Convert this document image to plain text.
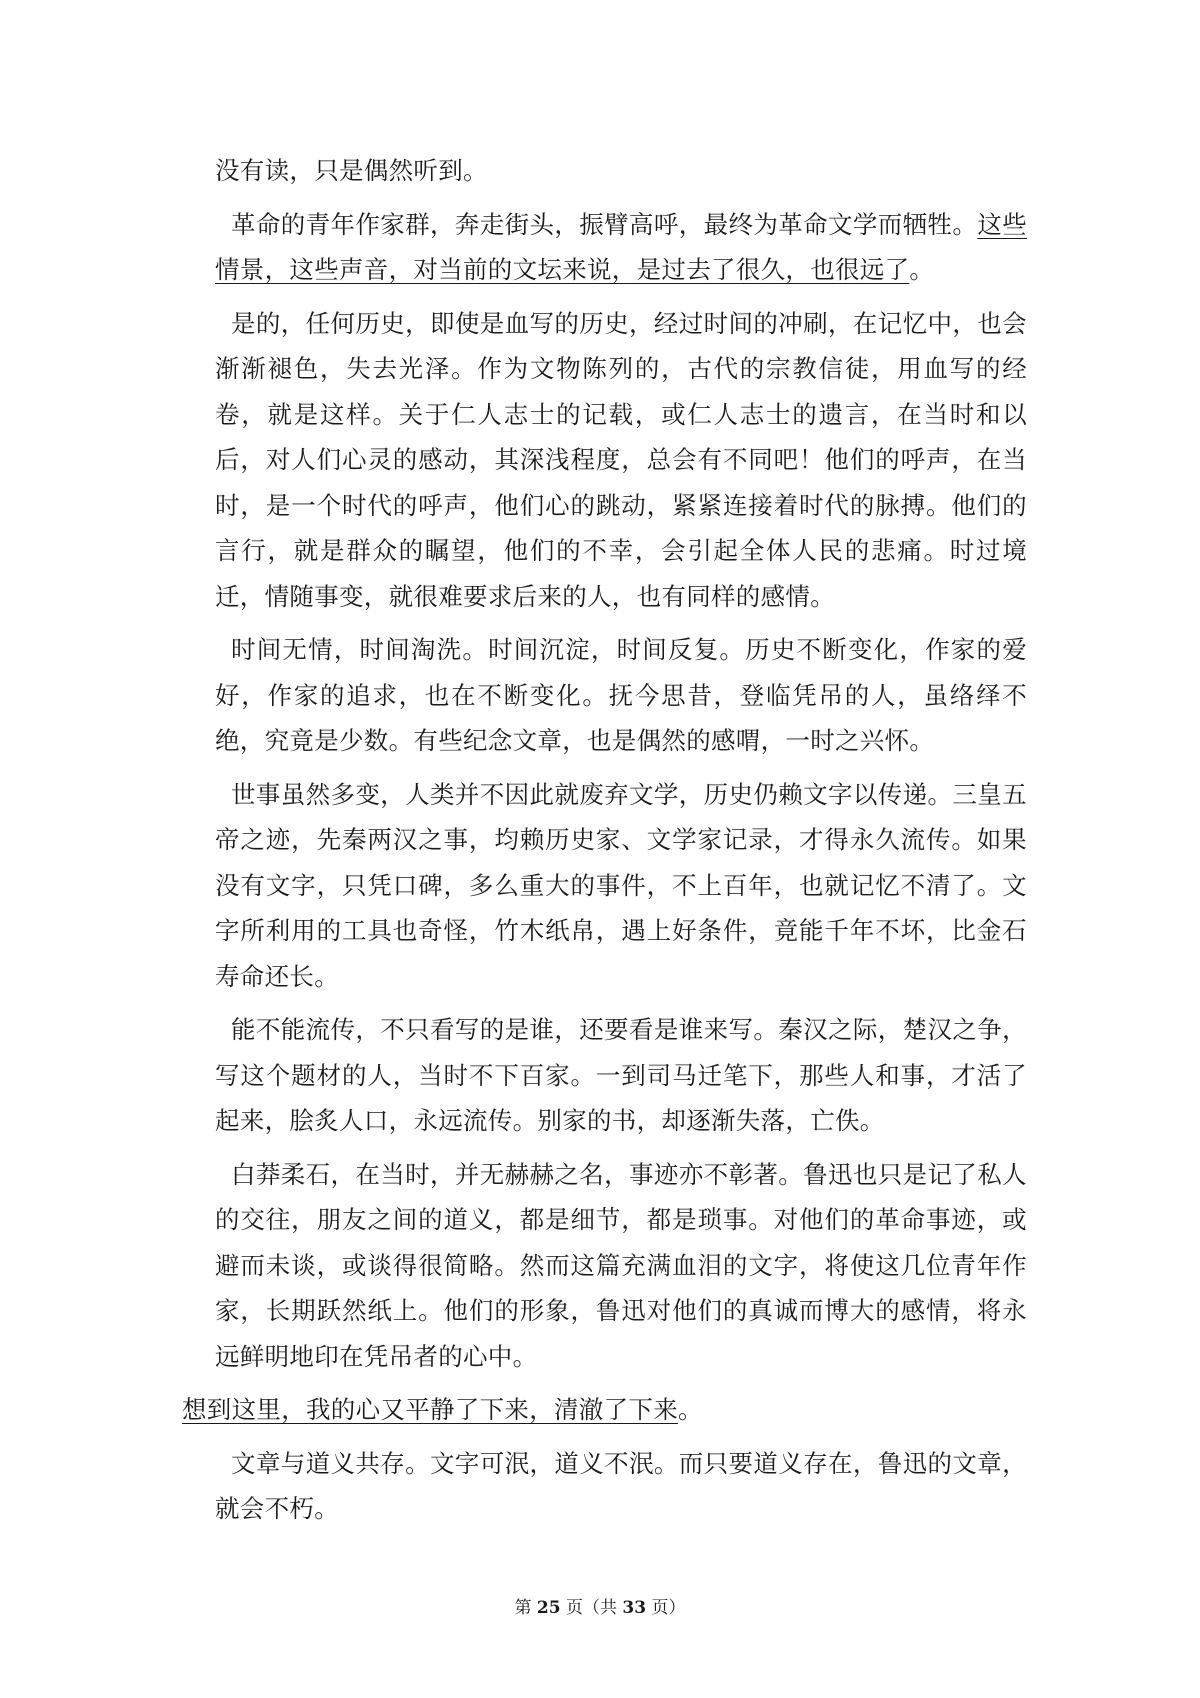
没有读，只是偶然听到。

革命的青年作家群，奔走街头，振臂高呼，最终为革命文学而牺牲。这些情景，这些声音，对当前的文坛来说，是过去了很久，也很远了。

是的，任何历史，即使是血写的历史，经过时间的冲刷，在记忆中，也会渐渐褪色，失去光泽。作为文物陈列的，古代的宗教信徒，用血写的经卷，就是这样。关于仁人志士的记载，或仁人志士的遗言，在当时和以后，对人们心灵的感动，其深浅程度，总会有不同吧！他们的呼声，在当时，是一个时代的呼声，他们心的跳动，紧紧连接着时代的脉搏。他们的言行，就是群众的瞩望，他们的不幸，会引起全体人民的悲痛。时过境迁，情随事变，就很难要求后来的人，也有同样的感情。

时间无情，时间淘洗。时间沉淀，时间反复。历史不断变化，作家的爱好，作家的追求，也在不断变化。抚今思昔，登临凭吊的人，虽络绎不绝，究竟是少数。有些纪念文章，也是偶然的感喟，一时之兴怀。

世事虽然多变，人类并不因此就废弃文学，历史仍赖文字以传递。三皇五帝之迹，先秦两汉之事，均赖历史家、文学家记录，才得永久流传。如果没有文字，只凭口碑，多么重大的事件，不上百年，也就记忆不清了。文字所利用的工具也奇怪，竹木纸帛，遇上好条件，竟能千年不坏，比金石寿命还长。

能不能流传，不只看写的是谁，还要看是谁来写。秦汉之际，楚汉之争，写这个题材的人，当时不下百家。一到司马迁笔下，那些人和事，才活了起来，脍炙人口，永远流传。别家的书，却逐渐失落，亡佚。

白莽柔石，在当时，并无赫赫之名，事迹亦不彰著。鲁迅也只是记了私人的交往，朋友之间的道义，都是细节，都是琐事。对他们的革命事迹，或避而未谈，或谈得很简略。然而这篇充满血泪的文字，将使这几位青年作家，长期跃然纸上。他们的形象，鲁迅对他们的真诚而博大的感情，将永远鲜明地印在凭吊者的心中。

想到这里，我的心又平静了下来，清澈了下来。

文章与道义共存。文字可泯，道义不泯。而只要道义存在，鲁迅的文章，就会不朽。

第 25 页（共 33 页）
